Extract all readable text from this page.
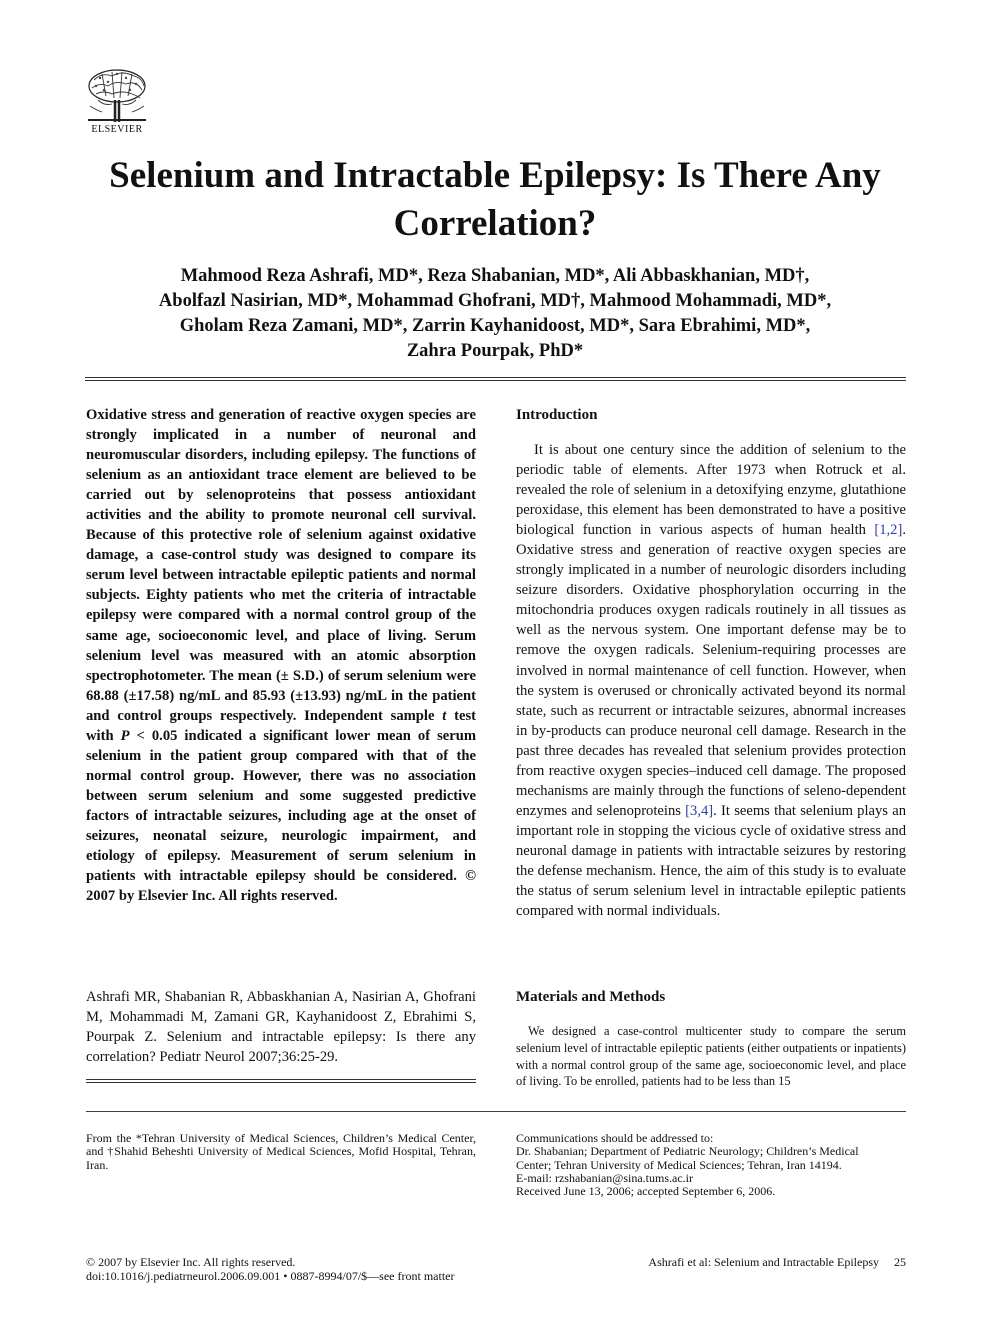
ELSEVIER
Selenium and Intractable Epilepsy: Is There Any Correlation?
Mahmood Reza Ashrafi, MD*, Reza Shabanian, MD*, Ali Abbaskhanian, MD†,
Abolfazl Nasirian, MD*, Mohammad Ghofrani, MD†, Mahmood Mohammadi, MD*,
Gholam Reza Zamani, MD*, Zarrin Kayhanidoost, MD*, Sara Ebrahimi, MD*,
Zahra Pourpak, PhD*
Oxidative stress and generation of reactive oxygen species are strongly implicated in a number of neuronal and neuromuscular disorders, including epilepsy. The functions of selenium as an antioxidant trace element are believed to be carried out by selenoproteins that possess antioxidant activities and the ability to promote neuronal cell survival. Because of this protective role of selenium against oxidative damage, a case-control study was designed to compare its serum level between intractable epileptic patients and normal subjects. Eighty patients who met the criteria of intractable epilepsy were compared with a normal control group of the same age, socioeconomic level, and place of living. Serum selenium level was measured with an atomic absorption spectrophotometer. The mean (± S.D.) of serum selenium were 68.88 (±17.58) ng/mL and 85.93 (±13.93) ng/mL in the patient and control groups respectively. Independent sample t test with P < 0.05 indicated a significant lower mean of serum selenium in the patient group compared with that of the normal control group. However, there was no association between serum selenium and some suggested predictive factors of intractable seizures, including age at the onset of seizures, neonatal seizure, neurologic impairment, and etiology of epilepsy. Measurement of serum selenium in patients with intractable epilepsy should be considered. © 2007 by Elsevier Inc. All rights reserved.
Ashrafi MR, Shabanian R, Abbaskhanian A, Nasirian A, Ghofrani M, Mohammadi M, Zamani GR, Kayhanidoost Z, Ebrahimi S, Pourpak Z. Selenium and intractable epilepsy: Is there any correlation? Pediatr Neurol 2007;36:25-29.
Introduction

It is about one century since the addition of selenium to the periodic table of elements. After 1973 when Rotruck et al. revealed the role of selenium in a detoxifying enzyme, glutathione peroxidase, this element has been demonstrated to have a positive biological function in various aspects of human health [1,2]. Oxidative stress and generation of reactive oxygen species are strongly implicated in a number of neurologic disorders including seizure disorders. Oxidative phosphorylation occurring in the mitochondria produces oxygen radicals routinely in all tissues as well as the nervous system. One important defense may be to remove the oxygen radicals. Selenium-requiring processes are involved in normal maintenance of cell function. However, when the system is overused or chronically activated beyond its normal state, such as recurrent or intractable seizures, abnormal increases in by-products can produce neuronal cell damage. Research in the past three decades has revealed that selenium provides protection from reactive oxygen species–induced cell damage. The proposed mechanisms are mainly through the functions of seleno-dependent enzymes and selenoproteins [3,4]. It seems that selenium plays an important role in stopping the vicious cycle of oxidative stress and neuronal damage in patients with intractable seizures by restoring the defense mechanism. Hence, the aim of this study is to evaluate the status of serum selenium level in intractable epileptic patients compared with normal individuals.

Materials and Methods

We designed a case-control multicenter study to compare the serum selenium level of intractable epileptic patients (either outpatients or inpatients) with a normal control group of the same age, socioeconomic level, and place of living. To be enrolled, patients had to be less than 15

From the *Tehran University of Medical Sciences, Children’s Medical Center, and †Shahid Beheshti University of Medical Sciences, Mofid Hospital, Tehran, Iran.
Communications should be addressed to:
Dr. Shabanian; Department of Pediatric Neurology; Children’s Medical
Center; Tehran University of Medical Sciences; Tehran, Iran 14194.
E-mail: rzshabanian@sina.tums.ac.ir
Received June 13, 2006; accepted September 6, 2006.
© 2007 by Elsevier Inc. All rights reserved.
doi:10.1016/j.pediatrneurol.2006.09.001 • 0887-8994/07/$—see front matter
Ashrafi et al: Selenium and Intractable Epilepsy 25
